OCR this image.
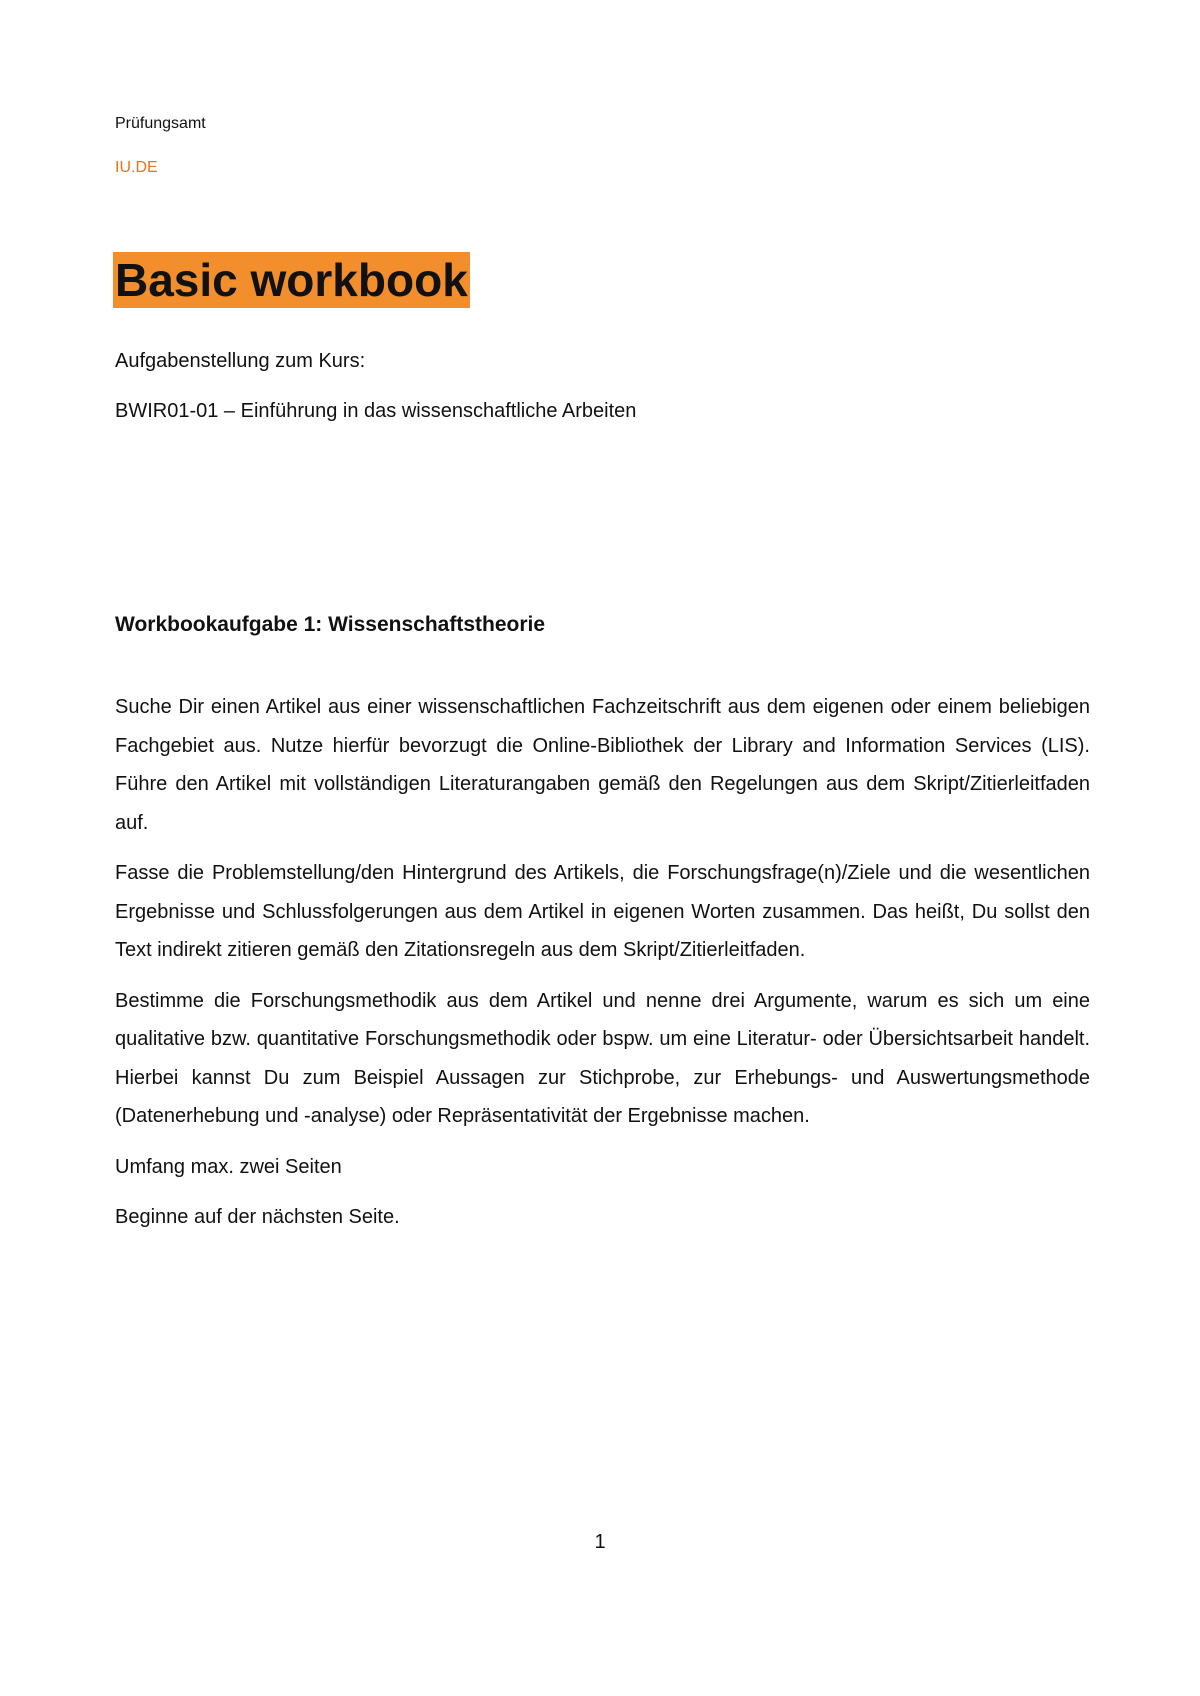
Prüfungsamt
IU.DE
Basic workbook
Aufgabenstellung zum Kurs:
BWIR01-01 – Einführung in das wissenschaftliche Arbeiten
Workbookaufgabe 1: Wissenschaftstheorie

Suche Dir einen Artikel aus einer wissenschaftlichen Fachzeitschrift aus dem eigenen oder einem beliebigen Fachgebiet aus. Nutze hierfür bevorzugt die Online-Bibliothek der Library and Information Services (LIS). Führe den Artikel mit vollständigen Literaturangaben gemäß den Regelungen aus dem Skript/Zitierleitfaden auf.

Fasse die Problemstellung/den Hintergrund des Artikels, die Forschungsfrage(n)/Ziele und die wesentlichen Ergebnisse und Schlussfolgerungen aus dem Artikel in eigenen Worten zusammen. Das heißt, Du sollst den Text indirekt zitieren gemäß den Zitationsregeln aus dem Skript/Zitierleitfaden.

Bestimme die Forschungsmethodik aus dem Artikel und nenne drei Argumente, warum es sich um eine qualitative bzw. quantitative Forschungsmethodik oder bspw. um eine Literatur- oder Übersichtsarbeit handelt. Hierbei kannst Du zum Beispiel Aussagen zur Stichprobe, zur Erhebungs- und Auswertungsmethode (Datenerhebung und -analyse) oder Repräsentativität der Ergebnisse machen.

Umfang max. zwei Seiten

Beginne auf der nächsten Seite.

1
